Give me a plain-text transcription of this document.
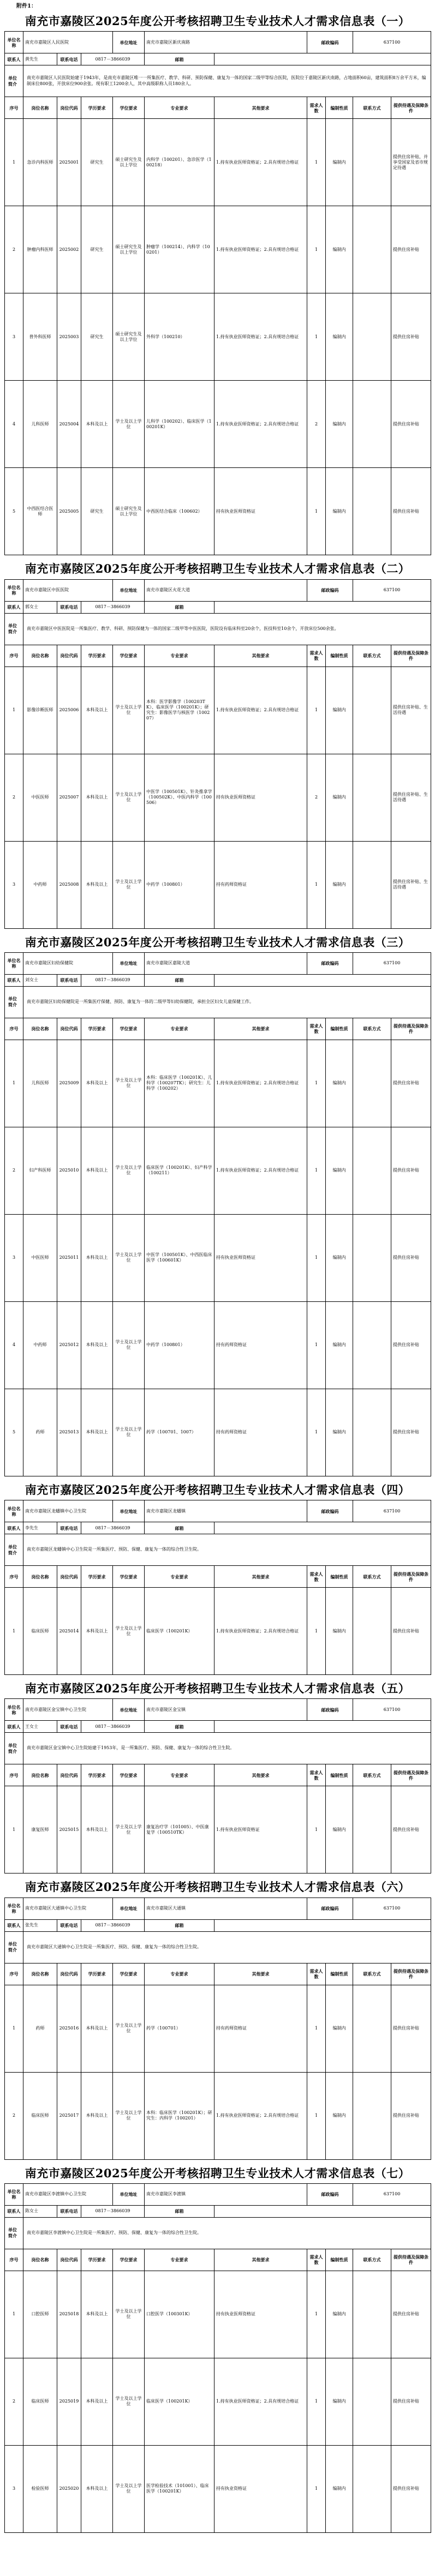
附件1：
南充市嘉陵区2025年度公开考核招聘卫生专业技术人才需求信息表（一）
单位名称	南充市嘉陵区人民医院			单位地址	南充市嘉陵区新庆南路		邮政编码		637100	
联系人	黄先生	联系电话	0817－3866039		邮箱					
单位简介	南充市嘉陵区人民医院始建于1943年，是南充市嘉陵区唯一一所集医疗、教学、科研、预防保健、康复为一体的国家二级甲等综合医院，医院位于嘉陵区新庆南路，占地面积60亩，建筑面积8万余平方米，编制床位800张，开放床位900余张。现有职工1200余人，其中高级职称人员180余人。									
序号	岗位名称	岗位代码	学历要求	学位要求	专业要求	其他要求	需求人数	编制性质	联系方式	提供待遇及保障条件
1	急诊内科医师	2025001	研究生	硕士研究生及以上学位	内科学（100201）、急诊医学（100218）	1.持有执业医师资格证；2.具有规培合格证	1	编制内		提供住房补贴，并享受国家及省市规定待遇
2	肿瘤内科医师	2025002	研究生	硕士研究生及以上学位	肿瘤学（100214）、内科学（100201）	1.持有执业医师资格证；2.具有规培合格证	1	编制内		提供住房补贴
3	普外科医师	2025003	研究生	硕士研究生及以上学位	外科学（100210）	1.持有执业医师资格证；2.具有规培合格证	1	编制内		提供住房补贴
4	儿科医师	2025004	本科及以上	学士及以上学位	儿科学（100202）、临床医学（100201K）	1.持有执业医师资格证；2.具有规培合格证	2	编制内		提供住房补贴
5	中西医结合医师	2025005	研究生	硕士研究生及以上学位	中西医结合临床（100602）	持有执业医师资格证	1	编制内		提供住房补贴
南充市嘉陵区2025年度公开考核招聘卫生专业技术人才需求信息表（二）
单位名称	南充市嘉陵区中医医院			单位地址	南充市嘉陵区火花大道		邮政编码		637100	
联系人	郭女士	联系电话	0817－3866039		邮箱					
单位简介	南充市嘉陵区中医医院是一所集医疗、教学、科研、预防保健为一体的国家二级甲等中医医院，医院设有临床科室20余个，医技科室10余个，开放床位500余张。									
序号	岗位名称	岗位代码	学历要求	学位要求	专业要求	其他要求	需求人数	编制性质	联系方式	提供待遇及保障条件
1	影像诊断医师	2025006	本科及以上	学士及以上学位	本科：医学影像学（100203TK）、临床医学（100201K）；研究生：影像医学与核医学（100207）	1.持有执业医师资格证；2.具有规培合格证	1	编制内		提供住房补贴、生活待遇
2	中医医师	2025007	本科及以上	学士及以上学位	中医学（100501K）、针灸推拿学（100502K）、中医内科学（100506）	持有执业医师资格证	2	编制内		提供住房补贴、生活待遇
3	中药师	2025008	本科及以上	学士及以上学位	中药学（100801）	持有药师资格证	1	编制内		提供住房补贴、生活待遇
南充市嘉陵区2025年度公开考核招聘卫生专业技术人才需求信息表（三）
单位名称	南充市嘉陵区妇幼保健院			单位地址	南充市嘉陵区嘉陵大道		邮政编码		637100	
联系人	刘女士	联系电话	0817－3866039		邮箱					
单位简介	南充市嘉陵区妇幼保健院是一所集医疗保健、预防、康复为一体的二级甲等妇幼保健院，承担全区妇女儿童保健工作。									
序号	岗位名称	岗位代码	学历要求	学位要求	专业要求	其他要求	需求人数	编制性质	联系方式	提供待遇及保障条件
1	儿科医师	2025009	本科及以上	学士及以上学位	本科：临床医学（100201K）、儿科学（100207TK）；研究生：儿科学（100202）	1.持有执业医师资格证；2.具有规培合格证	1	编制内		提供住房补贴
2	妇产科医师	2025010	本科及以上	学士及以上学位	临床医学（100201K）、妇产科学（100211）	1.持有执业医师资格证；2.具有规培合格证	1	编制内		提供住房补贴
3	中医医师	2025011	本科及以上	学士及以上学位	中医学（100501K）、中西医临床医学（100601K）	持有执业医师资格证	1	编制内		提供住房补贴
4	中药师	2025012	本科及以上	学士及以上学位	中药学（100801）	持有药师资格证	1	编制内		提供住房补贴
5	药师	2025013	本科及以上	学士及以上学位	药学（100701、1007）	持有药师资格证	1	编制内		提供住房补贴
南充市嘉陵区2025年度公开考核招聘卫生专业技术人才需求信息表（四）
单位名称	南充市嘉陵区龙蟠镇中心卫生院			单位地址	南充市嘉陵区龙蟠镇		邮政编码		637100	
联系人	李先生	联系电话	0817－3866039		邮箱					
单位简介	南充市嘉陵区龙蟠镇中心卫生院是一所集医疗、预防、保健、康复为一体的综合性卫生院。									
序号	岗位名称	岗位代码	学历要求	学位要求	专业要求	其他要求	需求人数	编制性质	联系方式	提供待遇及保障条件
1	临床医师	2025014	本科及以上	学士及以上学位	临床医学（100201K）	1.持有执业医师资格证；2.具有规培合格证	1	编制内		提供住房补贴
南充市嘉陵区2025年度公开考核招聘卫生专业技术人才需求信息表（五）
单位名称	南充市嘉陵区金宝镇中心卫生院			单位地址	南充市嘉陵区金宝镇		邮政编码		637100	
联系人	王女士	联系电话	0817－3866039		邮箱					
单位简介	南充市嘉陵区金宝镇中心卫生院始建于1953年，是一所集医疗、预防、保健、康复为一体的综合性卫生院。									
序号	岗位名称	岗位代码	学历要求	学位要求	专业要求	其他要求	需求人数	编制性质	联系方式	提供待遇及保障条件
1	康复医师	2025015	本科及以上	学士及以上学位	康复治疗学（101005）、中医康复学（100510TK）	1.持有执业医师资格证	1	编制内		提供住房补贴
南充市嘉陵区2025年度公开考核招聘卫生专业技术人才需求信息表（六）
单位名称	南充市嘉陵区大通镇中心卫生院			单位地址	南充市嘉陵区大通镇		邮政编码		637100	
联系人	张先生	联系电话	0817－3866039		邮箱					
单位简介	南充市嘉陵区大通镇中心卫生院是一所集医疗、预防、保健、康复为一体的综合性卫生院。									
序号	岗位名称	岗位代码	学历要求	学位要求	专业要求	其他要求	需求人数	编制性质	联系方式	提供待遇及保障条件
1	药师	2025016	本科及以上	学士及以上学位	药学（100701）	持有药师资格证	1	编制内		提供住房补贴
2	临床医师	2025017	本科及以上	学士及以上学位	本科：临床医学（100201K）；研究生：内科学（100201）	1.持有执业医师资格证；2.具有规培合格证	1	编制内		提供住房补贴
南充市嘉陵区2025年度公开考核招聘卫生专业技术人才需求信息表（七）
单位名称	南充市嘉陵区李渡镇中心卫生院			单位地址	南充市嘉陵区李渡镇		邮政编码		637100	
联系人	陈女士	联系电话	0817－3866039		邮箱					
单位简介	南充市嘉陵区李渡镇中心卫生院是一所集医疗、预防、保健、康复为一体的综合性卫生院。									
序号	岗位名称	岗位代码	学历要求	学位要求	专业要求	其他要求	需求人数	编制性质	联系方式	提供待遇及保障条件
1	口腔医师	2025018	本科及以上	学士及以上学位	口腔医学（100301K）	持有执业医师资格证	1	编制内		提供住房补贴
2	临床医师	2025019	本科及以上	学士及以上学位	临床医学（100201K）	1.持有执业医师资格证；2.具有规培合格证	1	编制内		提供住房补贴
3	检验医师	2025020	本科及以上	学士及以上学位	医学检验技术（101001）、临床医学（100201K）	持有执业资格证	1	编制内		提供住房补贴
